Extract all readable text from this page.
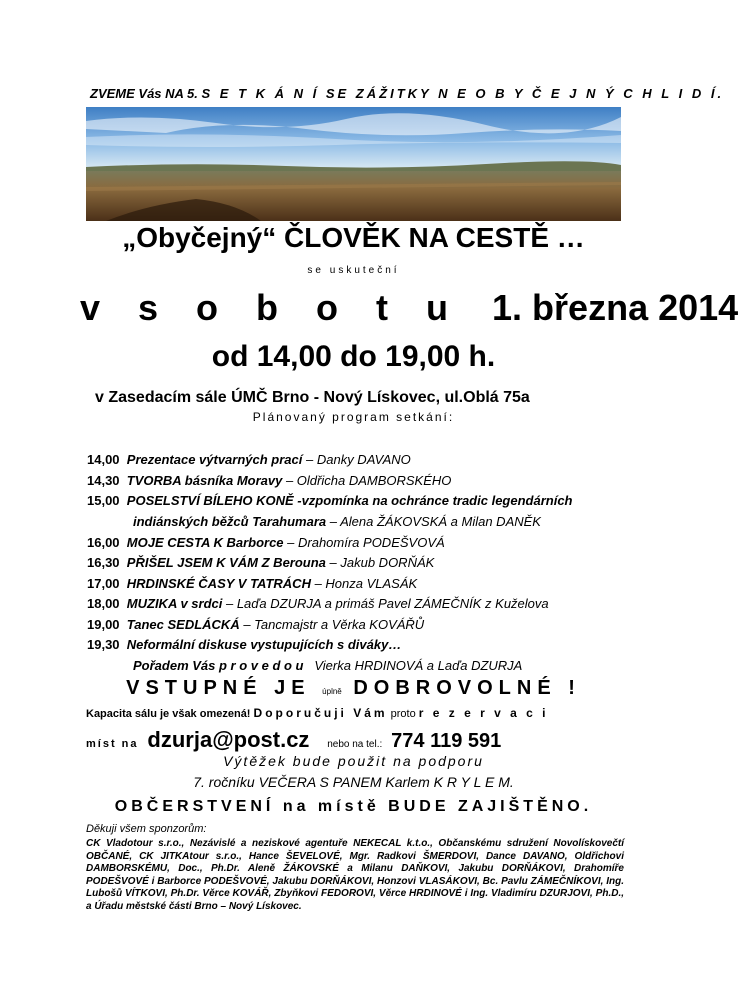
ZVEME Vás NA 5. S E T K Á N Í SE ZÁŽITKY N E O B Y Č E J N Ý C H L I D Í.
„Obyčejný“ ČLOVĚK NA CESTĚ …
se uskuteční
v s o b o t u 1. března 2014
od 14,00 do 19,00 h.
v Zasedacím sále ÚMČ Brno - Nový Lískovec, ul.Oblá 75a
Plánovaný program setkání:
14,00 Prezentace výtvarných prací – Danky DAVANO
14,30 TVORBA básníka Moravy – Oldřicha DAMBORSKÉHO
15,00 POSELSTVÍ BÍLEHO KONĚ -vzpomínka na ochránce tradic legendárních
indiánských běžců Tarahumara – Alena ŽÁKOVSKÁ a Milan DANĚK
16,00 MOJE CESTA K Barborce – Drahomíra PODEŠVOVÁ
16,30 PŘIŠEL JSEM K VÁM Z Berouna – Jakub DORŇÁK
17,00 HRDINSKÉ ČASY V TATRÁCH – Honza VLASÁK
18,00 MUZIKA v srdci – Laďa DZURJA a primáš Pavel ZÁMEČNÍK z Kuželova
19,00 Tanec SEDLÁCKÁ – Tancmajstr a Věrka KOVÁŘŮ
19,30 Neformální diskuse vystupujících s diváky…
Pořadem Vás p r o v e d o u Vierka HRDINOVÁ a Laďa DZURJA
VSTUPNÉ JE úplně DOBROVOLNÉ !
Kapacita sálu je však omezená! Doporučuji Vám proto r e z e r v a c i
míst na dzurja@post.cz nebo na tel.: 774 119 591
Výtěžek bude použit na podporu
7. ročníku VEČERA S PANEM Karlem K R Y L E M.
OBČERSTVENÍ na místě BUDE ZAJIŠTĚNO.
Děkuji všem sponzorům:
CK Vladotour s.r.o., Nezávislé a neziskové agentuře NEKECAL k.t.o., Občanskému sdružení Novolískovečtí OBČANÉ, CK JITKAtour s.r.o., Hance ŠEVELOVÉ, Mgr. Radkovi ŠMERDOVI, Dance DAVANO, Oldřichovi DAMBORSKÉMU, Doc., Ph.Dr. Aleně ŽÁKOVSKÉ a Milanu DAŇKOVI, Jakubu DORŇÁKOVI, Drahomíře PODEŠVOVÉ i Barborce PODEŠVOVÉ, Jakubu DORŇÁKOVI, Honzovi VLASÁKOVI, Bc. Pavlu ZÁMEČNÍKOVI, Ing. Lubošů VÍTKOVI, Ph.Dr. Věrce KOVÁŘ, Zbyňkovi FEDOROVI, Věrce HRDINOVÉ i Ing. Vladimíru DZURJOVI, Ph.D., a Úřadu městské části Brno – Nový Lískovec.
